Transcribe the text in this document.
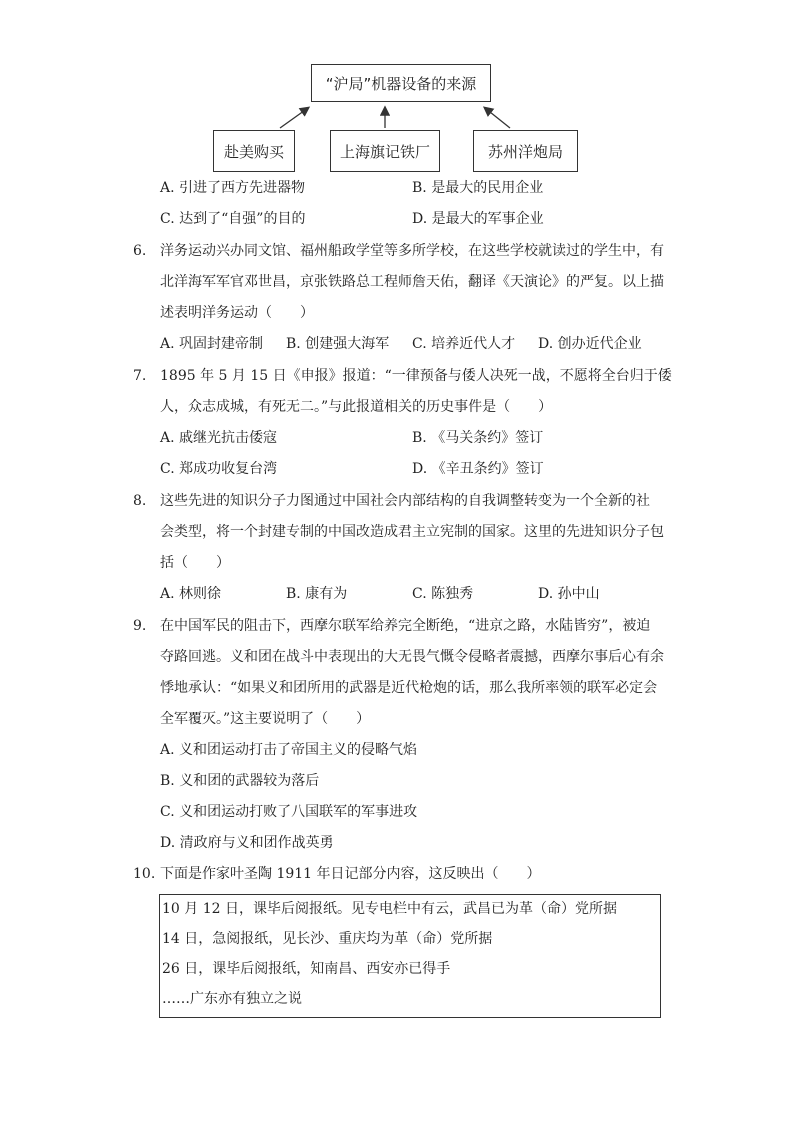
“沪局”机器设备的来源
赴美购买	上海旗记铁厂	苏州洋炮局
A. 引进了西方先进器物	B. 是最大的民用企业
C. 达到了“自强”的目的	D. 是最大的军事企业
6. 洋务运动兴办同文馆、福州船政学堂等多所学校，在这些学校就读过的学生中，有
北洋海军军官邓世昌，京张铁路总工程师詹天佑，翻译《天演论》的严复。以上描
述表明洋务运动（　　）
A. 巩固封建帝制 B. 创建强大海军 C. 培养近代人才 D. 创办近代企业
7. 1895 年 5 月 15 日《申报》报道：“一律预备与倭人决死一战，不愿将全台归于倭
人，众志成城，有死无二。”与此报道相关的历史事件是（　　）
A. 戚继光抗击倭寇	B. 《马关条约》签订
C. 郑成功收复台湾	D. 《辛丑条约》签订
8. 这些先进的知识分子力图通过中国社会内部结构的自我调整转变为一个全新的社
会类型，将一个封建专制的中国改造成君主立宪制的国家。这里的先进知识分子包
括（　　）
A. 林则徐	B. 康有为	C. 陈独秀	D. 孙中山
9. 在中国军民的阻击下，西摩尔联军给养完全断绝，“进京之路，水陆皆穷”，被迫
夺路回逃。义和团在战斗中表现出的大无畏气慨令侵略者震撼，西摩尔事后心有余
悸地承认：“如果义和团所用的武器是近代枪炮的话，那么我所率领的联军必定会
全军覆灭。”这主要说明了（　　）
A. 义和团运动打击了帝国主义的侵略气焰
B. 义和团的武器较为落后
C. 义和团运动打败了八国联军的军事进攻
D. 清政府与义和团作战英勇
10. 下面是作家叶圣陶 1911 年日记部分内容，这反映出（　　）
10 月 12 日，课毕后阅报纸。见专电栏中有云，武昌已为革（命）党所据
14 日，急阅报纸，见长沙、重庆均为革（命）党所据
26 日，课毕后阅报纸，知南昌、西安亦已得手
……广东亦有独立之说
